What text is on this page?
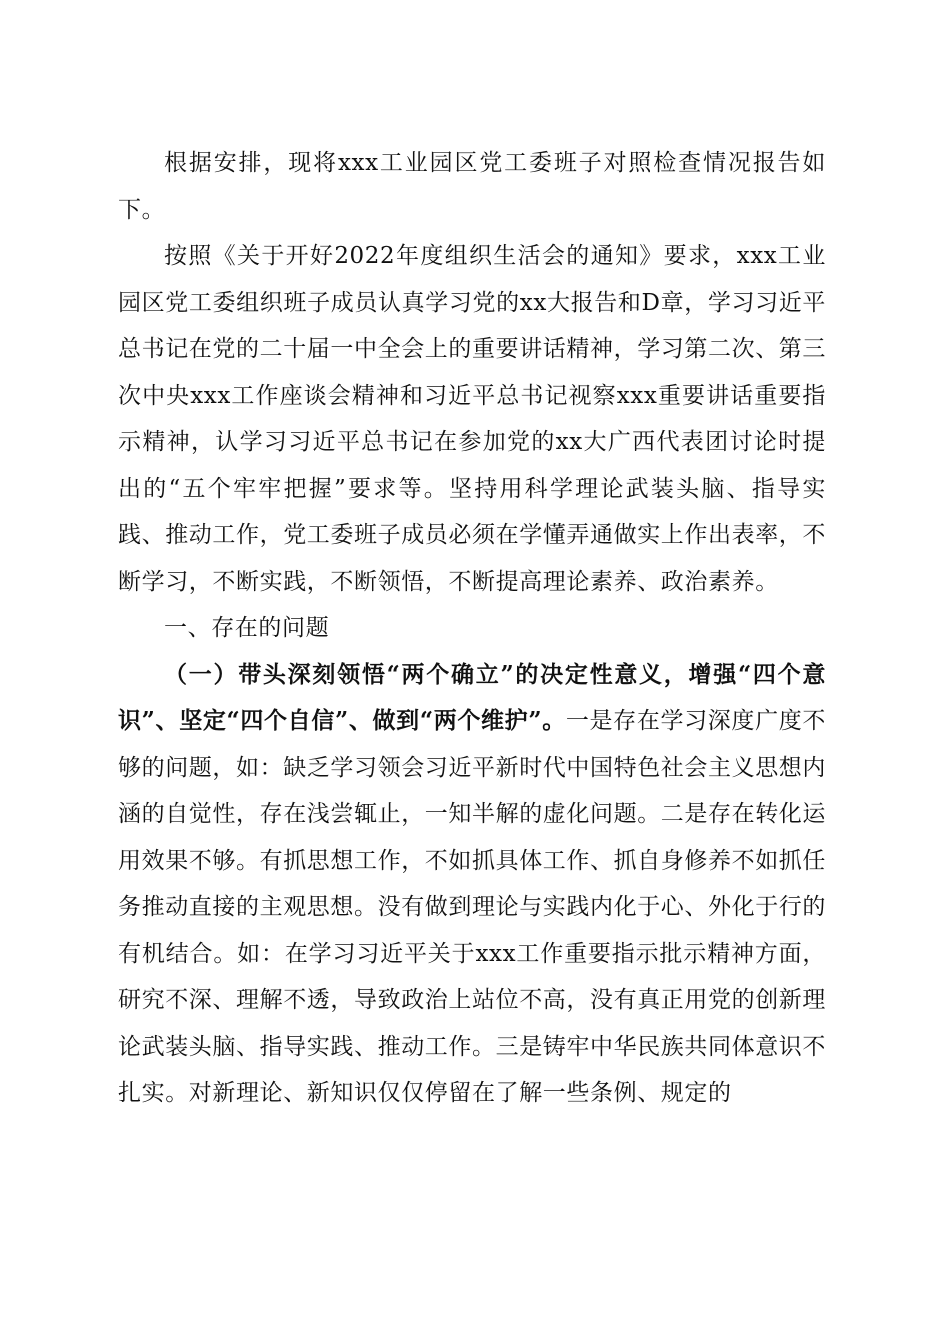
根据安排，现将xxx工业园区党工委班子对照检查情况报告如下。

按照《关于开好2022年度组织生活会的通知》要求，xxx工业园区党工委组织班子成员认真学习党的xx大报告和D章，学习习近平总书记在党的二十届一中全会上的重要讲话精神，学习第二次、第三次中央xxx工作座谈会精神和习近平总书记视察xxx重要讲话重要指示精神，认学习习近平总书记在参加党的xx大广西代表团讨论时提出的“五个牢牢把握”要求等。坚持用科学理论武装头脑、指导实践、推动工作，党工委班子成员必须在学懂弄通做实上作出表率，不断学习，不断实践，不断领悟，不断提高理论素养、政治素养。

一、存在的问题

（一）带头深刻领悟“两个确立”的决定性意义，增强“四个意识”、坚定“四个自信”、做到“两个维护”。一是存在学习深度广度不够的问题，如：缺乏学习领会习近平新时代中国特色社会主义思想内涵的自觉性，存在浅尝辄止，一知半解的虚化问题。二是存在转化运用效果不够。有抓思想工作，不如抓具体工作、抓自身修养不如抓任务推动直接的主观思想。没有做到理论与实践内化于心、外化于行的有机结合。如：在学习习近平关于xxx工作重要指示批示精神方面，研究不深、理解不透，导致政治上站位不高，没有真正用党的创新理论武装头脑、指导实践、推动工作。三是铸牢中华民族共同体意识不扎实。对新理论、新知识仅仅停留在了解一些条例、规定的
